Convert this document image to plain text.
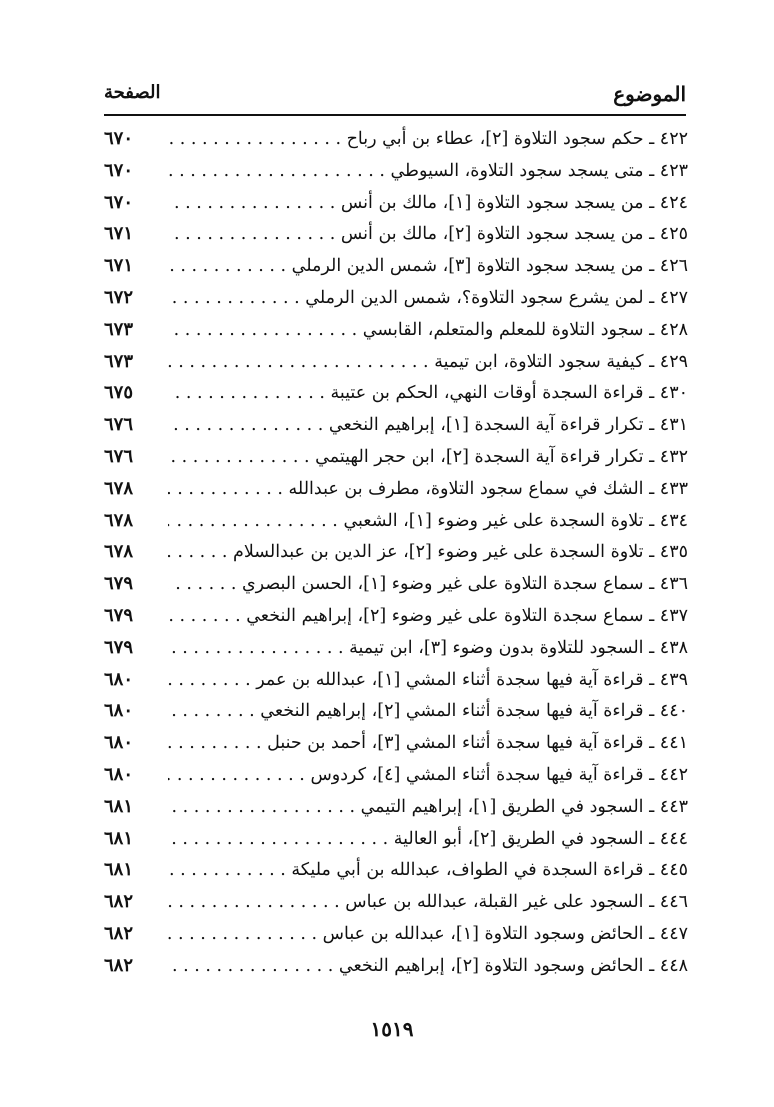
الموضوع
الصفحة
٤٢٢ ـ حكم سجود التلاوة [٢]، عطاء بن أبي رباح . . .
٦٧٠
٤٢٣ ـ متى يسجد سجود التلاوة، السيوطي . . .
٦٧٠
٤٢٤ ـ من يسجد سجود التلاوة [١]، مالك بن أنس . . .
٦٧٠
٤٢٥ ـ من يسجد سجود التلاوة [٢]، مالك بن أنس . . .
٦٧١
٤٢٦ ـ من يسجد سجود التلاوة [٣]، شمس الدين الرملي . . .
٦٧١
٤٢٧ ـ لمن يشرع سجود التلاوة؟، شمس الدين الرملي . . .
٦٧٢
٤٢٨ ـ سجود التلاوة للمعلم والمتعلم، القابسي . . .
٦٧٣
٤٢٩ ـ كيفية سجود التلاوة، ابن تيمية . . .
٦٧٣
٤٣٠ ـ قراءة السجدة أوقات النهي، الحكم بن عتيبة . . .
٦٧٥
٤٣١ ـ تكرار قراءة آية السجدة [١]، إبراهيم النخعي . . .
٦٧٦
٤٣٢ ـ تكرار قراءة آية السجدة [٢]، ابن حجر الهيتمي . . .
٦٧٦
٤٣٣ ـ الشك في سماع سجود التلاوة، مطرف بن عبدالله . . .
٦٧٨
٤٣٤ ـ تلاوة السجدة على غير وضوء [١]، الشعبي . . .
٦٧٨
٤٣٥ ـ تلاوة السجدة على غير وضوء [٢]، عز الدين بن عبدالسلام . . .
٦٧٨
٤٣٦ ـ سماع سجدة التلاوة على غير وضوء [١]، الحسن البصري . . .
٦٧٩
٤٣٧ ـ سماع سجدة التلاوة على غير وضوء [٢]، إبراهيم النخعي . . .
٦٧٩
٤٣٨ ـ السجود للتلاوة بدون وضوء [٣]، ابن تيمية . . .
٦٧٩
٤٣٩ ـ قراءة آية فيها سجدة أثناء المشي [١]، عبدالله بن عمر . . .
٦٨٠
٤٤٠ ـ قراءة آية فيها سجدة أثناء المشي [٢]، إبراهيم النخعي . . .
٦٨٠
٤٤١ ـ قراءة آية فيها سجدة أثناء المشي [٣]، أحمد بن حنبل . . .
٦٨٠
٤٤٢ ـ قراءة آية فيها سجدة أثناء المشي [٤]، كردوس . . .
٦٨٠
٤٤٣ ـ السجود في الطريق [١]، إبراهيم التيمي . . .
٦٨١
٤٤٤ ـ السجود في الطريق [٢]، أبو العالية . . .
٦٨١
٤٤٥ ـ قراءة السجدة في الطواف، عبدالله بن أبي مليكة . . .
٦٨١
٤٤٦ ـ السجود على غير القبلة، عبدالله بن عباس . . .
٦٨٢
٤٤٧ ـ الحائض وسجود التلاوة [١]، عبدالله بن عباس . . .
٦٨٢
٤٤٨ ـ الحائض وسجود التلاوة [٢]، إبراهيم النخعي . . .
٦٨٢
١٥١٩
